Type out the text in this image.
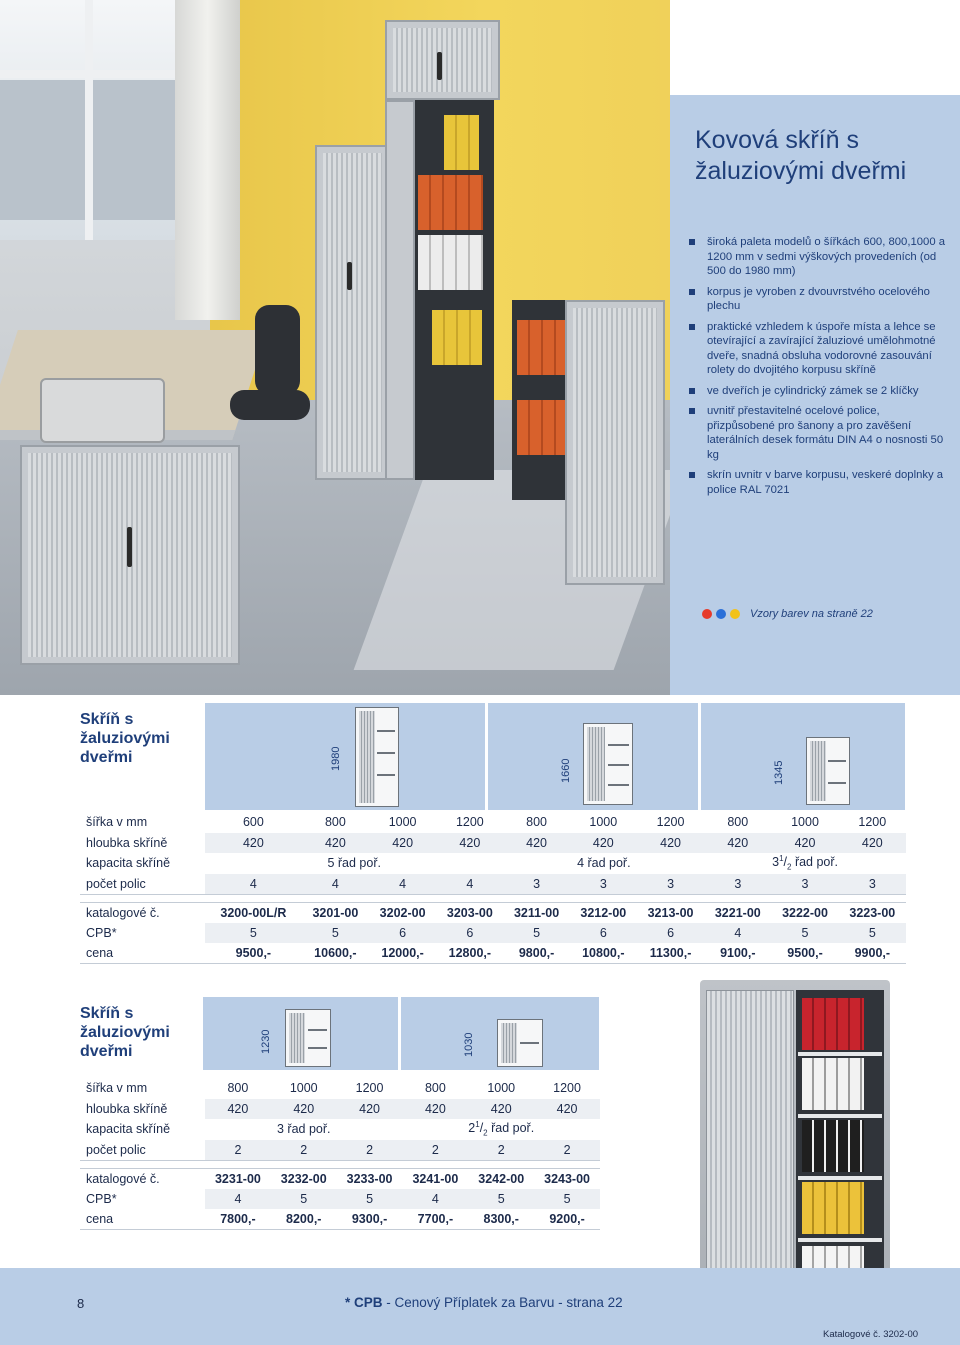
Kovová skříň s žaluziovými dveřmi
široká paleta modelů o šířkách 600, 800,1000 a 1200 mm v sedmi výškových provedeních (od 500 do 1980 mm)
korpus je vyroben z dvouvrstvého ocelového plechu
praktické vzhledem k úspoře místa a lehce se otevírající a zavírající žaluziové umělohmotné dveře, snadná obsluha vodorovné zasouvání rolety do dvojitého korpusu skříně
ve dveřích je cylindrický zámek se 2 klíčky
uvnitř přestavitelné ocelové police, přizpůsobené pro šanony a pro zavěšení laterálních desek formátu DIN A4 o nosnosti 50 kg
skrín uvnitr v barve korpusu, veskeré doplnky a police RAL 7021
Vzory barev na straně 22
Skříň s žaluziovými dveřmi	1980	1660	1345
šířka v mm	600	800	1000	1200	800	1000	1200	800	1000	1200
hloubka skříně	420	420	420	420	420	420	420	420	420	420
kapacita skříně	5 řad poř.				4 řad poř.			$3^1/_2$ řad poř.		
počet polic	4	4	4	4	3	3	3	3	3	3

katalogové č.	3200-00L/R	3201-00	3202-00	3203-00	3211-00	3212-00	3213-00	3221-00	3222-00	3223-00
CPB*	5	5	6	6	5	6	6	4	5	5
cena	9500,-	10600,-	12000,-	12800,-	9800,-	10800,-	11300,-	9100,-	9500,-	9900,-
Skříň s žaluziovými dveřmi	1230	1030
šířka v mm	800	1000	1200	800	1000	1200
hloubka skříně	420	420	420	420	420	420
kapacita skříně	3 řad poř.			$2^1/_2$ řad poř.		
počet polic	2	2	2	2	2	2

katalogové č.	3231-00	3232-00	3233-00	3241-00	3242-00	3243-00
CPB*	4	5	5	4	5	5
cena	7800,-	8200,-	9300,-	7700,-	8300,-	9200,-
8	* CPB - Cenový Příplatek za Barvu - strana 22
Katalogové č. 3202-00
